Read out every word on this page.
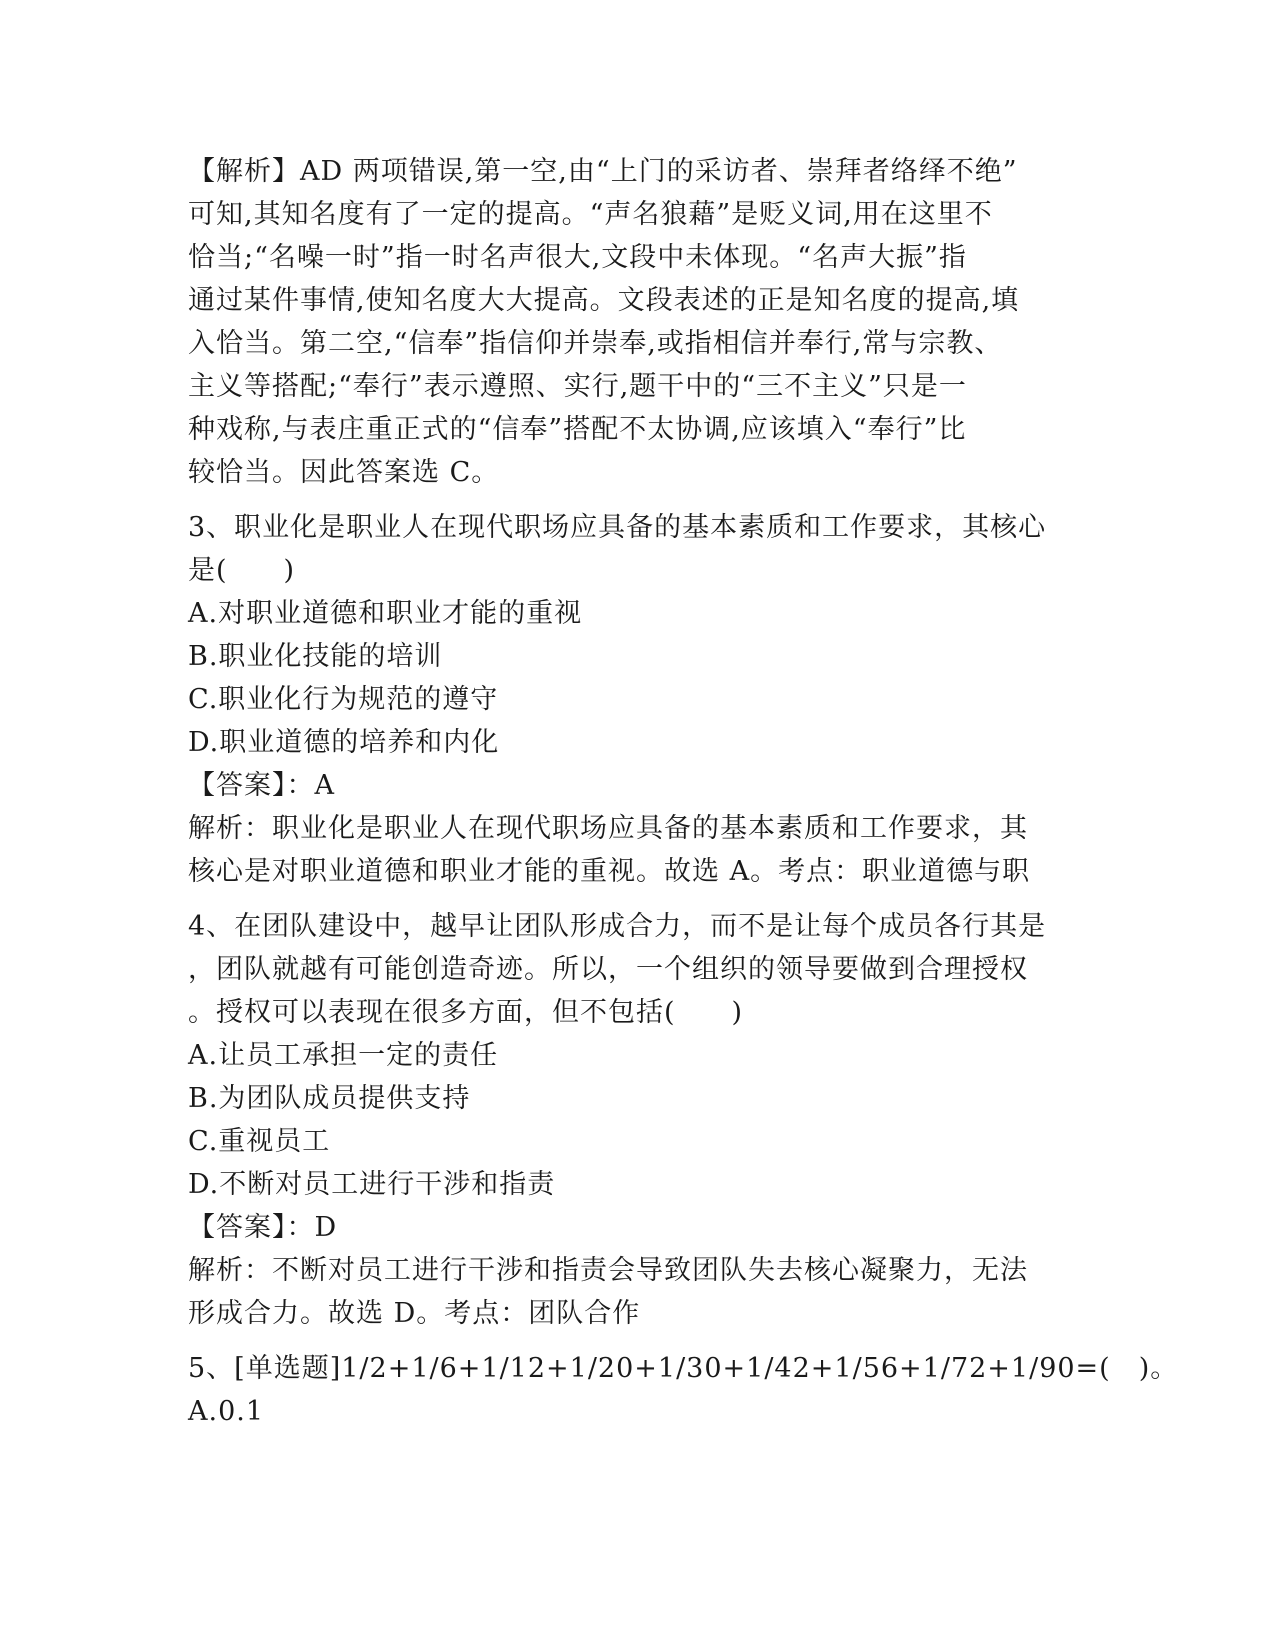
【解析】AD 两项错误,第一空,由“上门的采访者、崇拜者络绎不绝”
可知,其知名度有了一定的提高。“声名狼藉”是贬义词,用在这里不
恰当;“名噪一时”指一时名声很大,文段中未体现。“名声大振”指
通过某件事情,使知名度大大提高。文段表述的正是知名度的提高,填
入恰当。第二空,“信奉”指信仰并崇奉,或指相信并奉行,常与宗教、
主义等搭配;“奉行”表示遵照、实行,题干中的“三不主义”只是一
种戏称,与表庄重正式的“信奉”搭配不太协调,应该填入“奉行”比
较恰当。因此答案选 C。
3、职业化是职业人在现代职场应具备的基本素质和工作要求，其核心
是(　　)
A.对职业道德和职业才能的重视
B.职业化技能的培训
C.职业化行为规范的遵守
D.职业道德的培养和内化
【答案】：A
解析：职业化是职业人在现代职场应具备的基本素质和工作要求，其
核心是对职业道德和职业才能的重视。故选 A。考点：职业道德与职
4、在团队建设中，越早让团队形成合力，而不是让每个成员各行其是
，团队就越有可能创造奇迹。所以，一个组织的领导要做到合理授权
。授权可以表现在很多方面，但不包括(　　)
A.让员工承担一定的责任
B.为团队成员提供支持
C.重视员工
D.不断对员工进行干涉和指责
【答案】：D
解析：不断对员工进行干涉和指责会导致团队失去核心凝聚力，无法
形成合力。故选 D。考点：团队合作
5、[单选题]1/2+1/6+1/12+1/20+1/30+1/42+1/56+1/72+1/90=(　)。
A.0.1
